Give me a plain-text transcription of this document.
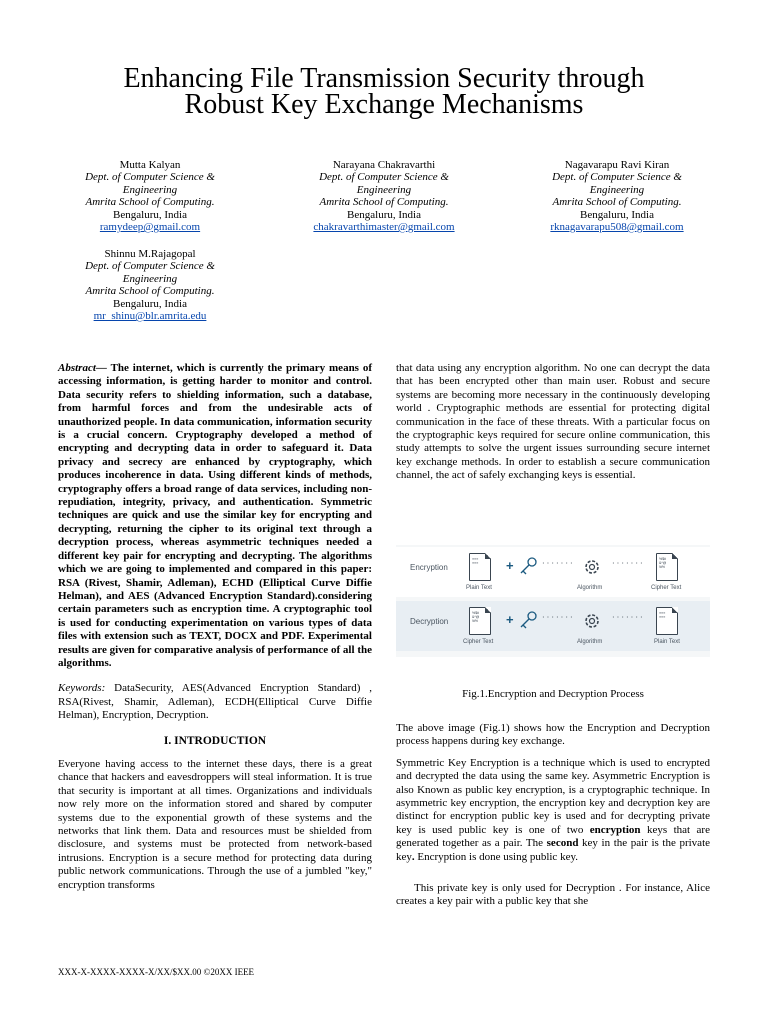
Enhancing File Transmission Security through
Robust Key Exchange Mechanisms
Mutta Kalyan
Dept. of Computer Science &
Engineering
Amrita School of Computing.
Bengaluru, India
ramydeep@gmail.com
Narayana Chakravarthi
Dept. of Computer Science &
Engineering
Amrita School of Computing.
Bengaluru, India
chakravarthimaster@gmail.com
Nagavarapu Ravi Kiran
Dept. of Computer Science &
Engineering
Amrita School of Computing.
Bengaluru, India
rknagavarapu508@gmail.com
Shinnu M.Rajagopal
Dept. of Computer Science &
Engineering
Amrita School of Computing.
Bengaluru, India
mr_shinu@blr.amrita.edu

Abstract— The internet, which is currently the primary means of accessing information, is getting harder to monitor and control. Data security refers to shielding information, such a database, from harmful forces and from the undesirable acts of unauthorized people. In data communication, information security is a crucial concern. Cryptography developed a method of encrypting and decrypting data in order to safeguard it. Data privacy and secrecy are enhanced by cryptography, which produces incoherence in data. Using different kinds of methods, cryptography offers a broad range of data services, including non-repudiation, integrity, privacy, and authentication. Symmetric techniques are quick and use the similar key for encrypting and decrypting, returning the cipher to its original text through a decryption process, whereas asymmetric techniques needed a different key pair for encrypting and decrypting. The algorithms which we are going to implemented and compared in this paper: RSA (Rivest, Shamir, Adleman), ECHD (Elliptical Curve Diffie Helman), and AES (Advanced Encryption Standard).considering certain parameters such as encryption time. A cryptographic tool is used for conducting experimentation on various types of data files with extension such as TEXT, DOCX and PDF. Experimental results are given for comparative analysis of performance of all the algorithms.

Keywords: DataSecurity, AES(Advanced Encryption Standard) , RSA(Rivest, Shamir, Adleman), ECDH(Elliptical Curve Diffie Helman), Encryption, Decryption.

I. INTRODUCTION

Everyone having access to the internet these days, there is a great chance that hackers and eavesdroppers will steal information. It is true that security is important at all times. Organizations and individuals now rely more on the information stored and shared by computer systems due to the exponential growth of these systems and the networks that link them. Data and resources must be shielded from disclosure, and systems must be protected from network-based intrusions. Encryption is a secure method for protecting data during public network communications. Through the use of a jumbled "key," encryption transforms

that data using any encryption algorithm. No one can decrypt the data that has been encrypted other than main user. Robust and secure systems are becoming more necessary in the continuously developing world . Cryptographic methods are essential for protecting digital communication in the face of these threats. With a particular focus on the cryptographic keys required for secure online communication, this study attempts to solve the urgent issues surrounding secure internet key exchange methods. In order to establish a secure communication channel, the act of safely exchanging keys is essential.

Encryption
≡≡≡
≡≡≡
Plain Text
+	·······
Algorithm
·······	%$#
&*@
!#%
Cipher Text
Decryption
%$#
&*@
!#%
Cipher Text
+	·······
Algorithm
·······	≡≡≡
≡≡≡
Plain Text
Fig.1.Encryption and Decryption Process

The above image (Fig.1) shows how the Encryption and Decryption process happens during key exchange.

Symmetric Key Encryption is a technique which is used to encrypted and decrypted the data using the same key. Asymmetric Encryption is also Known as public key encryption, is a cryptographic technique. In asymmetric key encryption, the encryption key and decryption key are distinct for encryption public key is used and for decrypting private key is used public key is one of two encryption keys that are generated together as a pair. The second key in the pair is the private key. Encryption is done using public key.

This private key is only used for Decryption . For instance, Alice creates a key pair with a public key that she

XXX-X-XXXX-XXXX-X/XX/$XX.00 ©20XX IEEE
